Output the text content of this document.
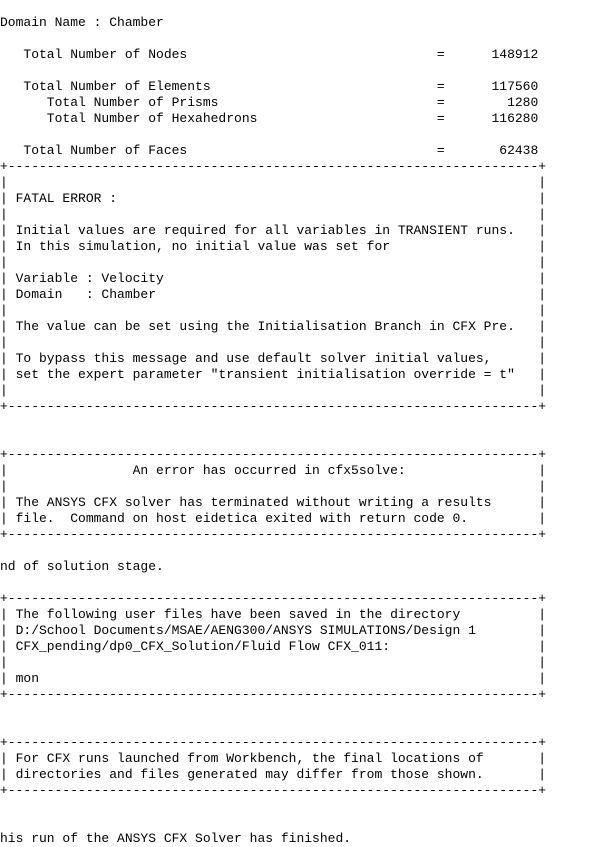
Domain Name : Chamber

Total Number of Nodes                                =      148912

Total Number of Elements                             =      117560
Total Number of Prisms                            =        1280
Total Number of Hexahedrons                       =      116280

Total Number of Faces                                =       62438
+--------------------------------------------------------------------+
|                                                                    |
| FATAL ERROR :                                                      |
|                                                                    |
| Initial values are required for all variables in TRANSIENT runs.   |
| In this simulation, no initial value was set for                   |
|                                                                    |
| Variable : Velocity                                                |
| Domain   : Chamber                                                 |
|                                                                    |
| The value can be set using the Initialisation Branch in CFX Pre.   |
|                                                                    |
| To bypass this message and use default solver initial values,      |
| set the expert parameter "transient initialisation override = t"   |
|                                                                    |
+--------------------------------------------------------------------+

+--------------------------------------------------------------------+
|                An error has occurred in cfx5solve:                 |
|                                                                    |
| The ANSYS CFX solver has terminated without writing a results      |
| file.  Command on host eidetica exited with return code 0.         |
+--------------------------------------------------------------------+

nd of solution stage.

+--------------------------------------------------------------------+
| The following user files have been saved in the directory          |
| D:/School Documents/MSAE/AENG300/ANSYS SIMULATIONS/Design 1        |
| CFX_pending/dp0_CFX_Solution/Fluid Flow CFX_011:                   |
|                                                                    |
| mon                                                                |
+--------------------------------------------------------------------+

+--------------------------------------------------------------------+
| For CFX runs launched from Workbench, the final locations of       |
| directories and files generated may differ from those shown.       |
+--------------------------------------------------------------------+

his run of the ANSYS CFX Solver has finished.
